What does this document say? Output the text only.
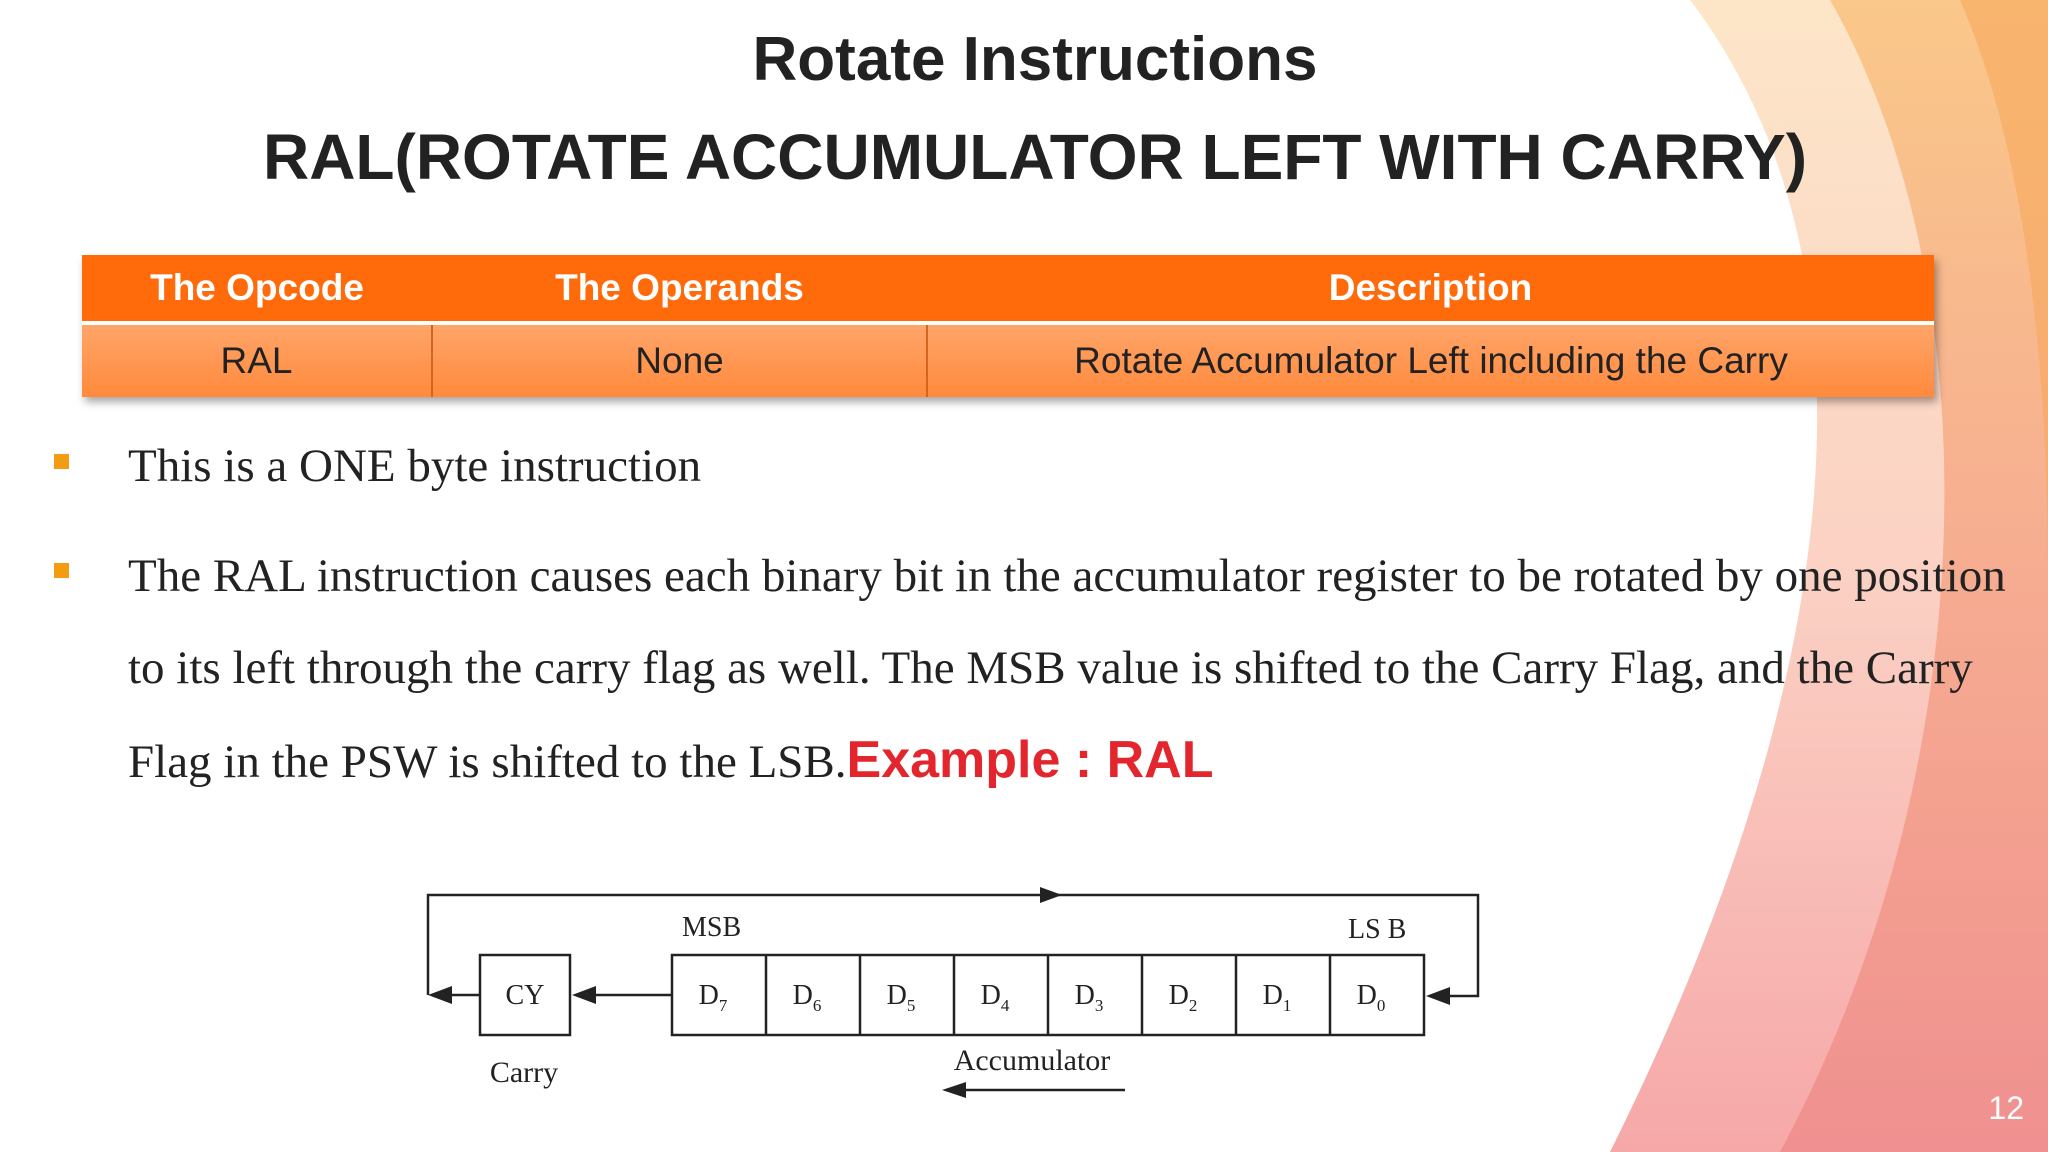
Rotate Instructions
RAL(ROTATE ACCUMULATOR LEFT WITH CARRY)
The Opcode	The Operands	Description
RAL	None	Rotate Accumulator Left including the Carry
This is a ONE byte instruction
The RAL instruction causes each binary bit in the accumulator register to be rotated by one position to its left through the carry flag as well. The MSB value is shifted to the Carry Flag, and the Carry Flag in the PSW is shifted to the LSB.Example : RAL
MSB	LS B
CY
Carry	Accumulator
$D_7$ $D_6$ $D_5$ $D_4$ $D_3$ $D_2$ $D_1$ $D_0$
12
